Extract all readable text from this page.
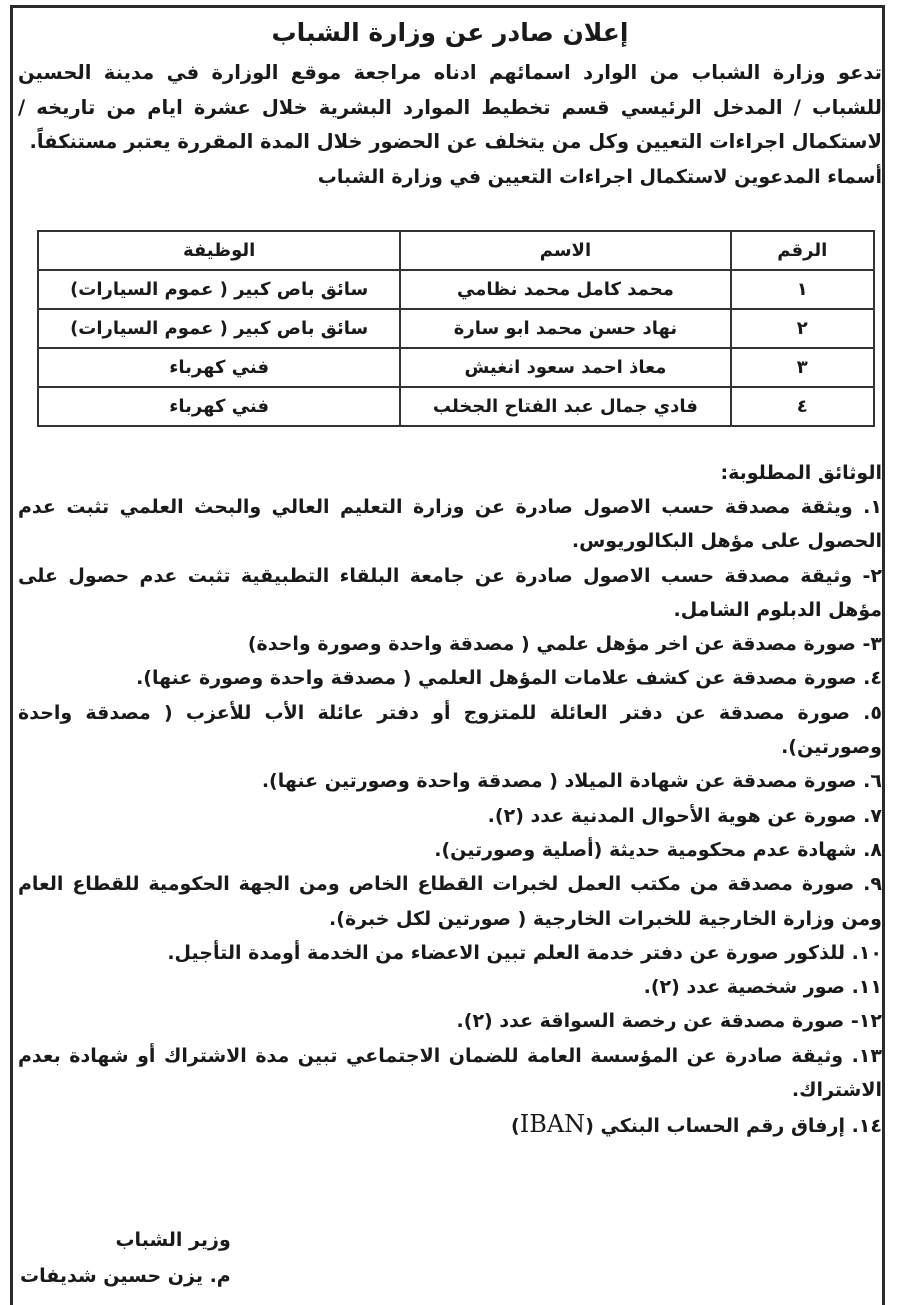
إعلان صادر عن وزارة الشباب

تدعو وزارة الشباب من الوارد اسمائهم ادناه مراجعة موقع الوزارة في مدينة الحسين للشباب / المدخل الرئيسي قسم تخطيط الموارد البشرية خلال عشرة ايام من تاريخه / لاستكمال اجراءات التعيين وكل من يتخلف عن الحضور خلال المدة المقررة يعتبر مستنكفاً.

أسماء المدعوين لاستكمال اجراءات التعيين في وزارة الشباب

الرقم	الاسم	الوظيفة
١	محمد كامل محمد نظامي	سائق باص كبير ( عموم السيارات)
٢	نهاد حسن محمد ابو سارة	سائق باص كبير ( عموم السيارات)
٣	معاذ احمد سعود انغيش	فني كهرباء
٤	فادي جمال عبد الفتاح الجخلب	فني كهرباء

الوثائق المطلوبة:

١. ويثقة مصدقة حسب الاصول صادرة عن وزارة التعليم العالي والبحث العلمي تثبت عدم الحصول على مؤهل البكالوريوس.

٢- وثيقة مصدقة حسب الاصول صادرة عن جامعة البلقاء التطبيقية تثبت عدم حصول على مؤهل الدبلوم الشامل.

٣- صورة مصدقة عن اخر مؤهل علمي ( مصدقة واحدة وصورة واحدة)

٤. صورة مصدقة عن كشف علامات المؤهل العلمي ( مصدقة واحدة وصورة عنها).

٥. صورة مصدقة عن دفتر العائلة للمتزوج أو دفتر عائلة الأب للأعزب ( مصدقة واحدة وصورتين).

٦. صورة مصدقة عن شهادة الميلاد ( مصدقة واحدة وصورتين عنها).

٧. صورة عن هوية الأحوال المدنية عدد (٢).

٨. شهادة عدم محكومية حديثة (أصلية وصورتين).

٩. صورة مصدقة من مكتب العمل لخبرات القطاع الخاص ومن الجهة الحكومية للقطاع العام ومن وزارة الخارجية للخبرات الخارجية ( صورتين لكل خبرة).

١٠. للذكور صورة عن دفتر خدمة العلم تبين الاعضاء من الخدمة أومدة التأجيل.

١١. صور شخصية عدد (٢).

١٢- صورة مصدقة عن رخصة السواقة عدد (٢).

١٣. وثيقة صادرة عن المؤسسة العامة للضمان الاجتماعي تبين مدة الاشتراك أو شهادة بعدم الاشتراك.

١٤. إرفاق رقم الحساب البنكي (IBAN)

وزير الشباب
م. يزن حسين شديفات
